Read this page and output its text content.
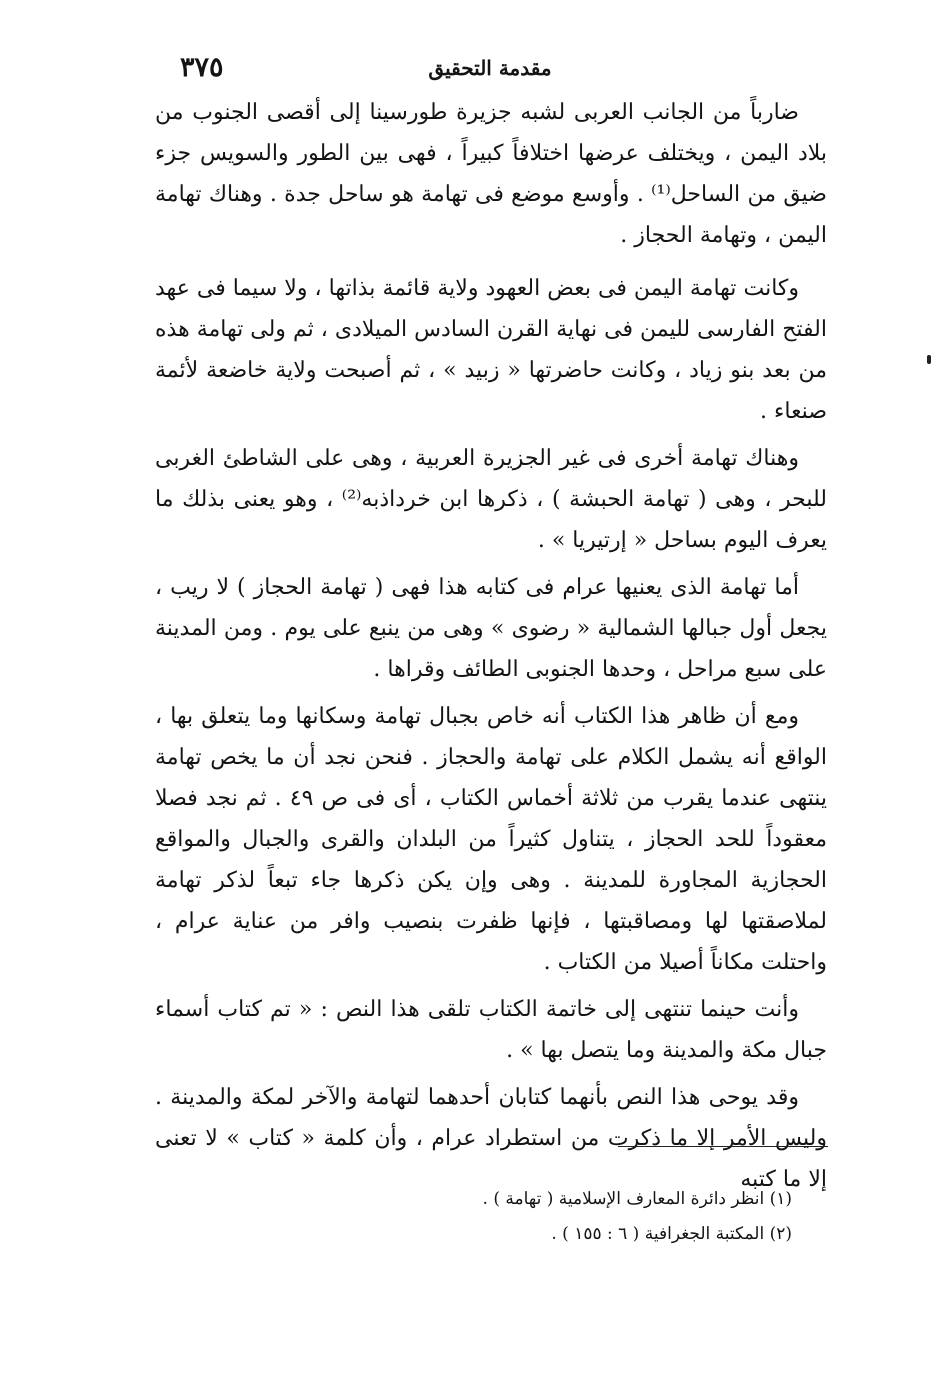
٣٧٥	مقدمة التحقيق

ضارباً من الجانب العربى لشبه جزيرة طورسينا إلى أقصى الجنوب من بلاد اليمن ، ويختلف عرضها اختلافاً كبيراً ، فهى بين الطور والسويس جزء ضيق من الساحل⁽¹⁾ . وأوسع موضع فى تهامة هو ساحل جدة . وهناك تهامة اليمن ، وتهامة الحجاز .

وكانت تهامة اليمن فى بعض العهود ولاية قائمة بذاتها ، ولا سيما فى عهد الفتح الفارسى لليمن فى نهاية القرن السادس الميلادى ، ثم ولى تهامة هذه من بعد بنو زياد ، وكانت حاضرتها « زبيد » ، ثم أصبحت ولاية خاضعة لأئمة صنعاء .

وهناك تهامة أخرى فى غير الجزيرة العربية ، وهى على الشاطئ الغربى للبحر ، وهى ( تهامة الحبشة ) ، ذكرها ابن خرداذبه⁽²⁾ ، وهو يعنى بذلك ما يعرف اليوم بساحل « إرتيريا » .

أما تهامة الذى يعنيها عرام فى كتابه هذا فهى ( تهامة الحجاز ) لا ريب ، يجعل أول جبالها الشمالية « رضوى » وهى من ينبع على يوم . ومن المدينة على سبع مراحل ، وحدها الجنوبى الطائف وقراها .

ومع أن ظاهر هذا الكتاب أنه خاص بجبال تهامة وسكانها وما يتعلق بها ، الواقع أنه يشمل الكلام على تهامة والحجاز . فنحن نجد أن ما يخص تهامة ينتهى عندما يقرب من ثلاثة أخماس الكتاب ، أى فى ص ٤٩ . ثم نجد فصلا معقوداً للحد الحجاز ، يتناول كثيراً من البلدان والقرى والجبال والمواقع الحجازية المجاورة للمدينة . وهى وإن يكن ذكرها جاء تبعاً لذكر تهامة لملاصقتها لها ومصاقبتها ، فإنها ظفرت بنصيب وافر من عناية عرام ، واحتلت مكاناً أصيلا من الكتاب .

وأنت حينما تنتهى إلى خاتمة الكتاب تلقى هذا النص : « تم كتاب أسماء جبال مكة والمدينة وما يتصل بها » .

وقد يوحى هذا النص بأنهما كتابان أحدهما لتهامة والآخر لمكة والمدينة . وليس الأمر إلا ما ذكرت من استطراد عرام ، وأن كلمة « كتاب » لا تعنى إلا ما كتبه

(١) انظر دائرة المعارف الإسلامية ( تهامة ) .

(٢) المكتبة الجغرافية ( ٦ : ١٥٥ ) .
